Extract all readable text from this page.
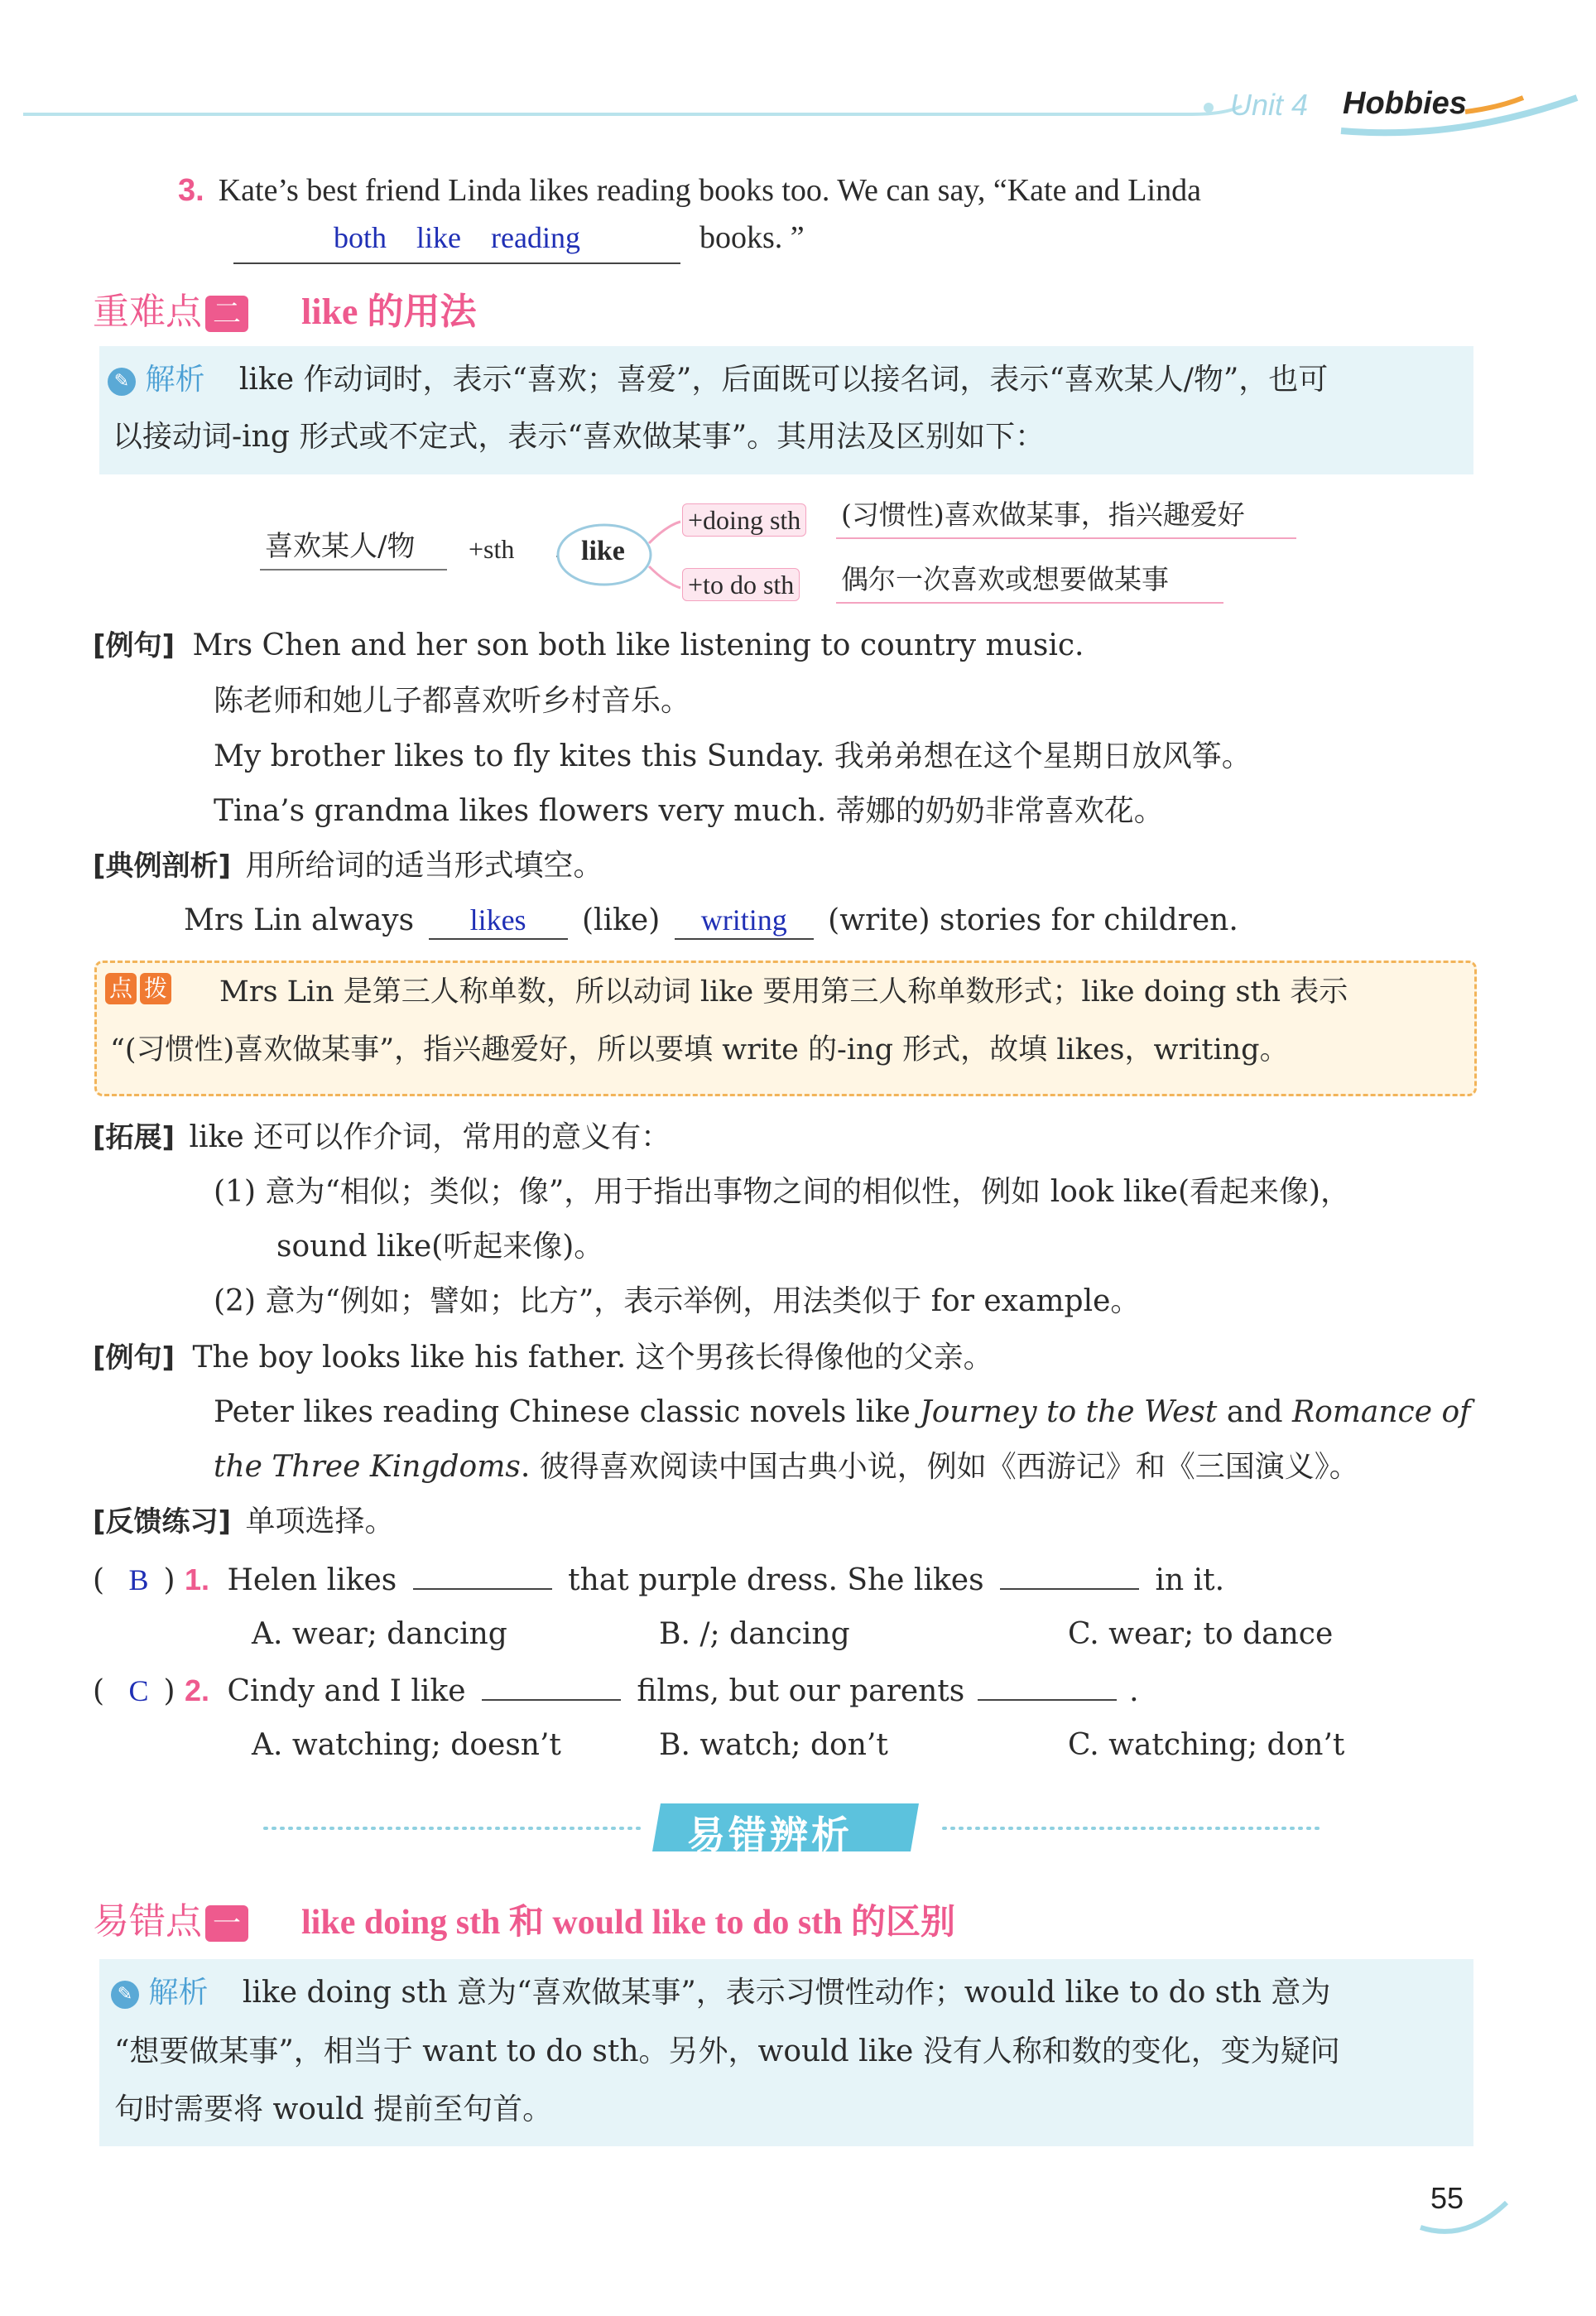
Unit 4 Hobbies
3. Kate’s best friend Linda likes reading books too. We can say, “Kate and Linda
both    like    reading	books. ”
重难点 二 like 的用法
✎ 解析 like 作动词时，表示“喜欢；喜爱”，后面既可以接名词，表示“喜欢某人/物”，也可
以接动词-ing 形式或不定式，表示“喜欢做某事”。其用法及区别如下：
喜欢某人/物 +sth like
+doing sth (习惯性)喜欢做某事，指兴趣爱好
+to do sth 偶尔一次喜欢或想要做某事
[例句] Mrs Chen and her son both like listening to country music.
陈老师和她儿子都喜欢听乡村音乐。
My brother likes to fly kites this Sunday. 我弟弟想在这个星期日放风筝。
Tina’s grandma likes flowers very much. 蒂娜的奶奶非常喜欢花。
[典例剖析] 用所给词的适当形式填空。
Mrs Lin always likes (like) writing (write) stories for children.
点 拨 Mrs Lin 是第三人称单数，所以动词 like 要用第三人称单数形式；like doing sth 表示
“(习惯性)喜欢做某事”，指兴趣爱好，所以要填 write 的-ing 形式，故填 likes，writing。
[拓展] like 还可以作介词，常用的意义有：
(1) 意为“相似；类似；像”，用于指出事物之间的相似性，例如 look like(看起来像)，
sound like(听起来像)。
(2) 意为“例如；譬如；比方”，表示举例，用法类似于 for example。
[例句] The boy looks like his father. 这个男孩长得像他的父亲。
Peter likes reading Chinese classic novels like Journey to the West and Romance of
the Three Kingdoms. 彼得喜欢阅读中国古典小说，例如《西游记》和《三国演义》。
[反馈练习] 单项选择。
( B ) 1. Helen likes	that purple dress. She likes	in it.
A. wear; dancing	B. /; dancing	C. wear; to dance
( C ) 2. Cindy and I like	films, but our parents	.
A. watching; doesn’t	B. watch; don’t	C. watching; don’t
易错辨析
易错点 一 like doing sth 和 would like to do sth 的区别
✎ 解析 like doing sth 意为“喜欢做某事”，表示习惯性动作；would like to do sth 意为
“想要做某事”，相当于 want to do sth。另外，would like 没有人称和数的变化，变为疑问
句时需要将 would 提前至句首。
55
